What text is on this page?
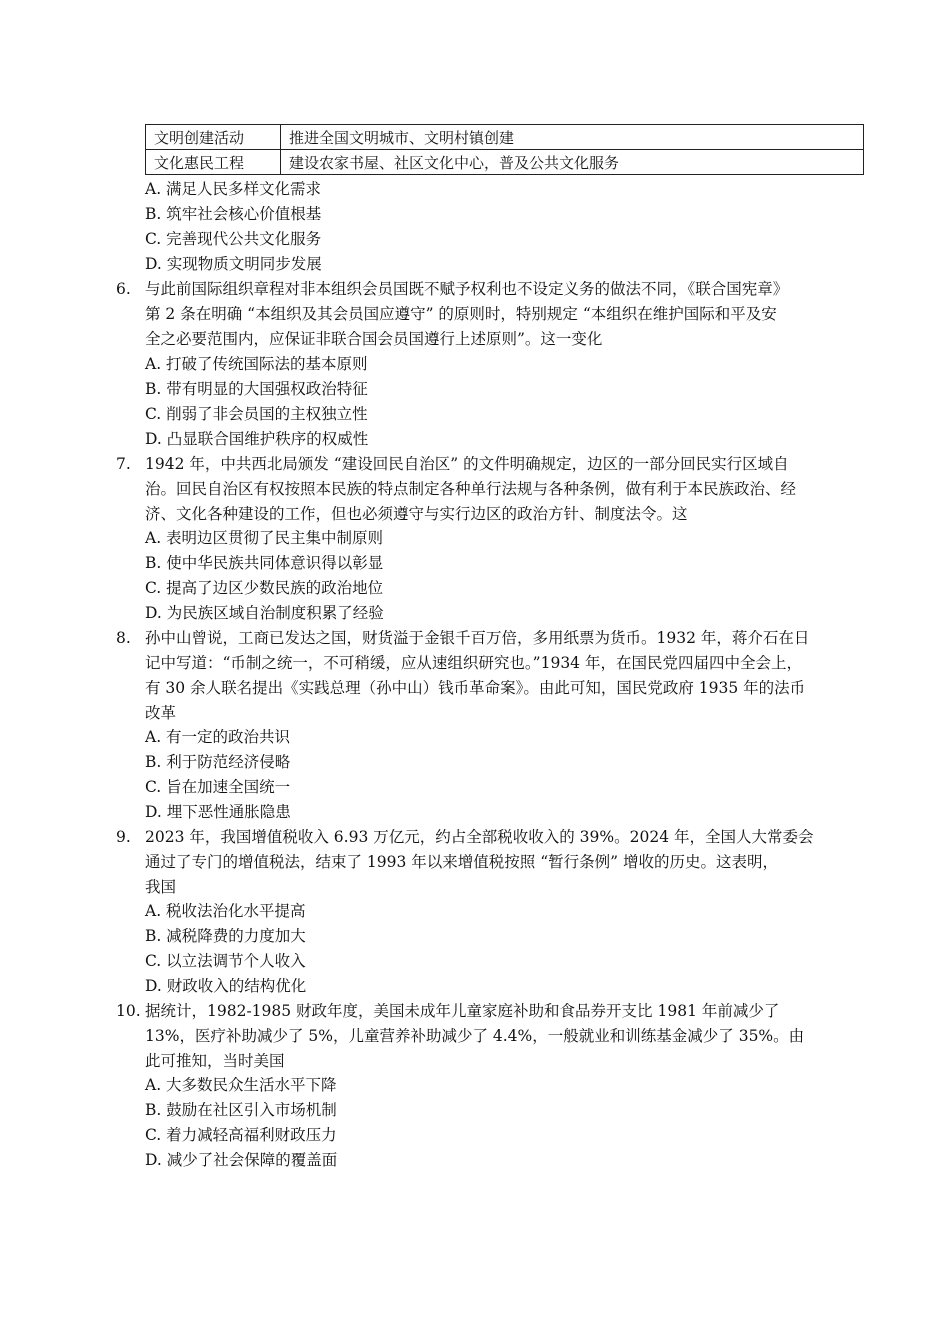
文明创建活动	推进全国文明城市、文明村镇创建
文化惠民工程	建设农家书屋、社区文化中心，普及公共文化服务
A. 满足人民多样文化需求
B. 筑牢社会核心价值根基
C. 完善现代公共文化服务
D. 实现物质文明同步发展
6. 与此前国际组织章程对非本组织会员国既不赋予权利也不设定义务的做法不同，《联合国宪章》
第 2 条在明确 “本组织及其会员国应遵守” 的原则时，特别规定 “本组织在维护国际和平及安
全之必要范围内，应保证非联合国会员国遵行上述原则”。这一变化
A. 打破了传统国际法的基本原则
B. 带有明显的大国强权政治特征
C. 削弱了非会员国的主权独立性
D. 凸显联合国维护秩序的权威性
7. 1942 年，中共西北局颁发 “建设回民自治区” 的文件明确规定，边区的一部分回民实行区域自
治。回民自治区有权按照本民族的特点制定各种单行法规与各种条例，做有利于本民族政治、经
济、文化各种建设的工作，但也必须遵守与实行边区的政治方针、制度法令。这
A. 表明边区贯彻了民主集中制原则
B. 使中华民族共同体意识得以彰显
C. 提高了边区少数民族的政治地位
D. 为民族区域自治制度积累了经验
8. 孙中山曾说，工商已发达之国，财货溢于金银千百万倍，多用纸票为货币。1932 年，蒋介石在日
记中写道：“币制之统一，不可稍缓，应从速组织研究也。”1934 年，在国民党四届四中全会上，
有 30 余人联名提出《实践总理（孙中山）钱币革命案》。由此可知，国民党政府 1935 年的法币
改革
A. 有一定的政治共识
B. 利于防范经济侵略
C. 旨在加速全国统一
D. 埋下恶性通胀隐患
9. 2023 年，我国增值税收入 6.93 万亿元，约占全部税收收入的 39%。2024 年，全国人大常委会
通过了专门的增值税法，结束了 1993 年以来增值税按照 “暂行条例” 增收的历史。这表明，
我国
A. 税收法治化水平提高
B. 减税降费的力度加大
C. 以立法调节个人收入
D. 财政收入的结构优化
10. 据统计，1982-1985 财政年度，美国未成年儿童家庭补助和食品券开支比 1981 年前减少了
13%，医疗补助减少了 5%，儿童营养补助减少了 4.4%，一般就业和训练基金减少了 35%。由
此可推知，当时美国
A. 大多数民众生活水平下降
B. 鼓励在社区引入市场机制
C. 着力减轻高福利财政压力
D. 减少了社会保障的覆盖面
